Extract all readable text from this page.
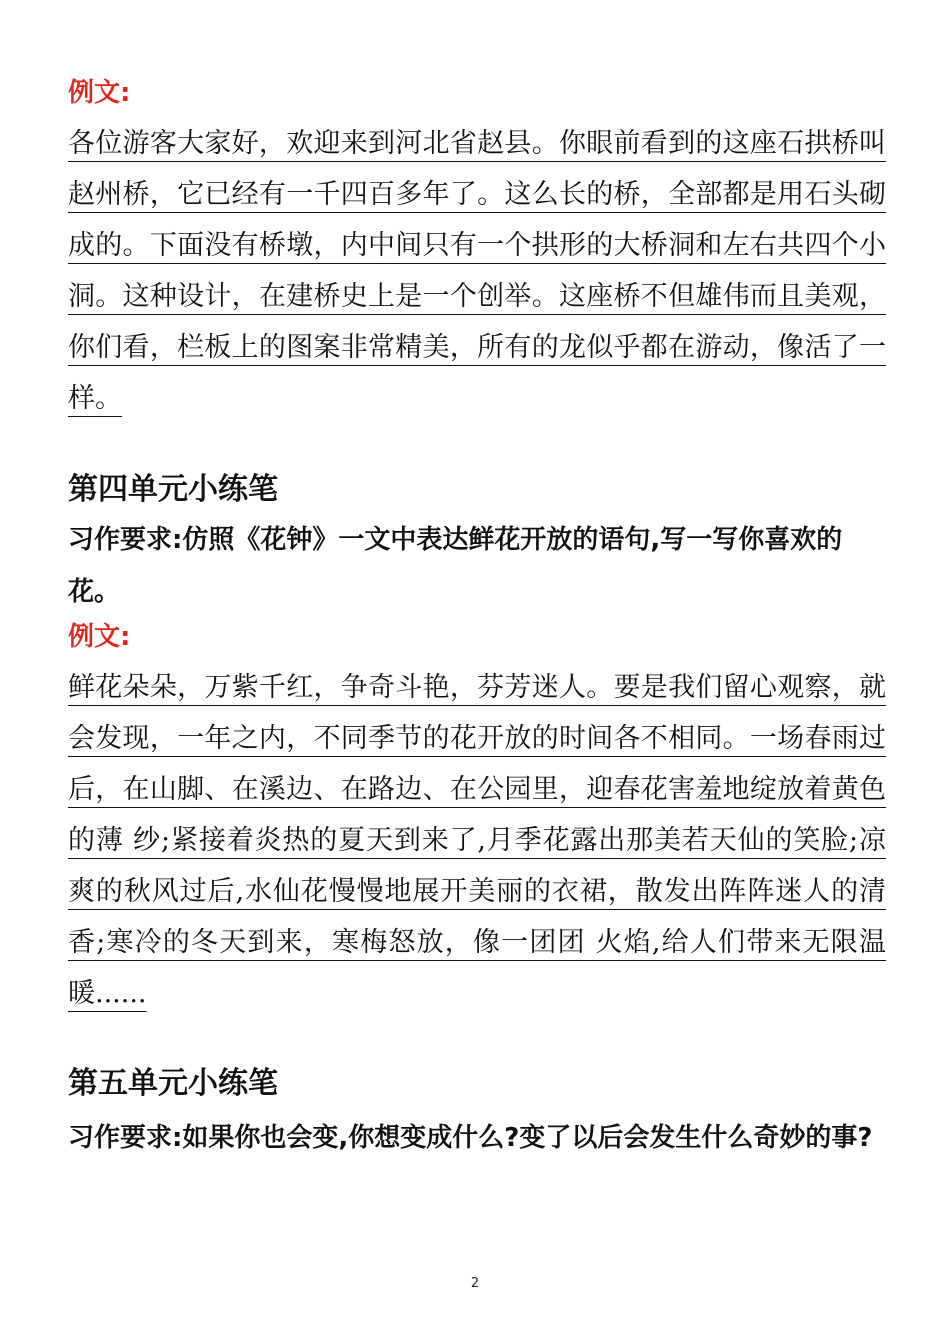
例文:

各位游客大家好，欢迎来到河北省赵县。你眼前看到的这座石拱桥叫赵州桥，它已经有一千四百多年了。这么长的桥，全部都是用石头砌成的。下面没有桥墩，内中间只有一个拱形的大桥洞和左右共四个小洞。这种设计，在建桥史上是一个创举。这座桥不但雄伟而且美观，你们看，栏板上的图案非常精美，所有的龙似乎都在游动，像活了一样。

第四单元小练笔

习作要求:仿照《花钟》一文中表达鲜花开放的语句,写一写你喜欢的花。

例文:

鲜花朵朵，万紫千红，争奇斗艳，芬芳迷人。要是我们留心观察，就会发现，一年之内，不同季节的花开放的时间各不相同。一场春雨过后，在山脚、在溪边、在路边、在公园里，迎春花害羞地绽放着黄色的薄 纱;紧接着炎热的夏天到来了,月季花露出那美若天仙的笑脸;凉爽的秋风过后,水仙花慢慢地展开美丽的衣裙，散发出阵阵迷人的清香;寒冷的冬天到来，寒梅怒放，像一团团 火焰,给人们带来无限温暖......

第五单元小练笔

习作要求:如果你也会变,你想变成什么?变了以后会发生什么奇妙的事?

2
